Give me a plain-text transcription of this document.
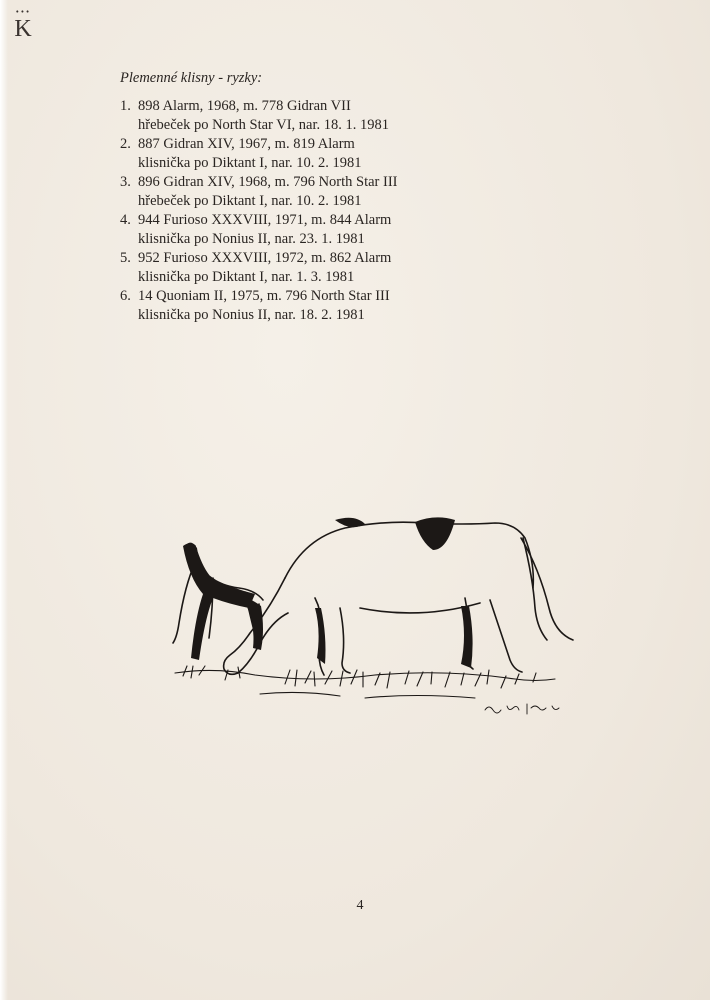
•••
K

Plemenné klisny - ryzky:

1. 898 Alarm, 1968, m. 778 Gidran VII
hřebeček po North Star VI, nar. 18. 1. 1981
2. 887 Gidran XIV, 1967, m. 819 Alarm
klisnička po Diktant I, nar. 10. 2. 1981
3. 896 Gidran XIV, 1968, m. 796 North Star III
hřebeček po Diktant I, nar. 10. 2. 1981
4. 944 Furioso XXXVIII, 1971, m. 844 Alarm
klisnička po Nonius II, nar. 23. 1. 1981
5. 952 Furioso XXXVIII, 1972, m. 862 Alarm
klisnička po Diktant I, nar. 1. 3. 1981
6. 14 Quoniam II, 1975, m. 796 North Star III
klisnička po Nonius II, nar. 18. 2. 1981
4
